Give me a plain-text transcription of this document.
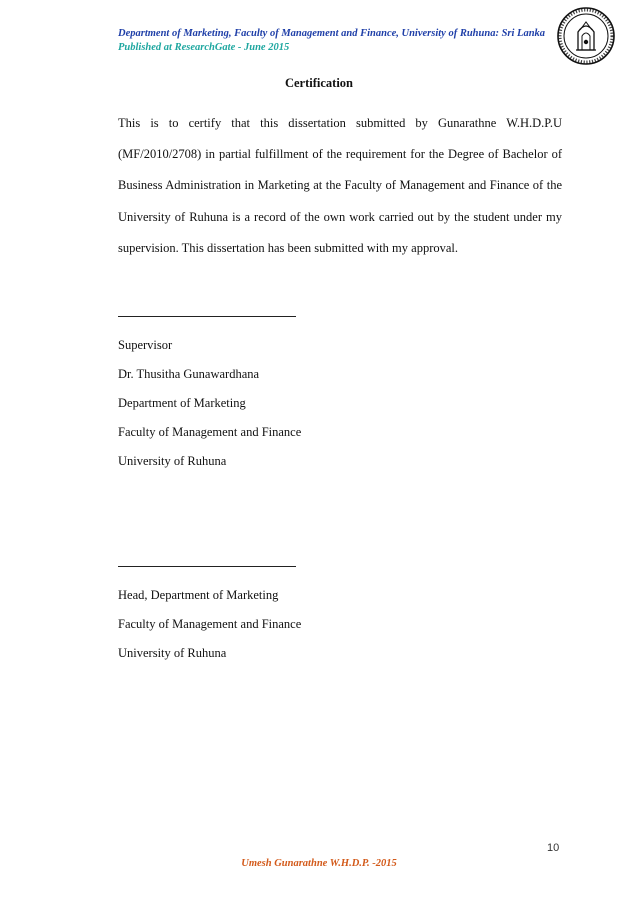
Department of Marketing, Faculty of Management and Finance, University of Ruhuna: Sri Lanka
Published at ResearchGate - June 2015
Certification
This is to certify that this dissertation submitted by Gunarathne W.H.D.P.U (MF/2010/2708) in partial fulfillment of the requirement for the Degree of Bachelor of Business Administration in Marketing at the Faculty of Management and Finance of the University of Ruhuna is a record of the own work carried out by the student under my supervision. This dissertation has been submitted with my approval.
Supervisor
Dr. Thusitha Gunawardhana
Department of Marketing
Faculty of Management and Finance
University of Ruhuna
Head, Department of Marketing
Faculty of Management and Finance
University of Ruhuna
10
Umesh Gunarathne W.H.D.P. -2015
